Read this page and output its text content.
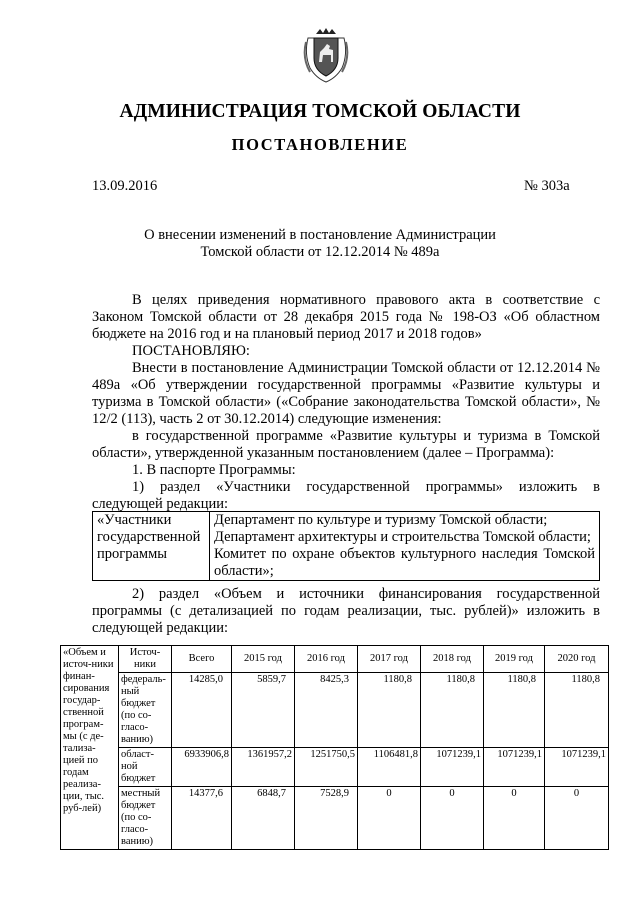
АДМИНИСТРАЦИЯ ТОМСКОЙ ОБЛАСТИ
ПОСТАНОВЛЕНИЕ
13.09.2016	№ 303а
О внесении изменений в постановление Администрации
Томской области от 12.12.2014 № 489а

В целях приведения нормативного правового акта в соответствие с Законом Томской области от 28 декабря 2015 года № 198-ОЗ «Об областном бюджете на 2016 год и на плановый период 2017 и 2018 годов»

ПОСТАНОВЛЯЮ:

Внести в постановление Администрации Томской области от 12.12.2014 № 489а «Об утверждении государственной программы «Развитие культуры и туризма в Томской области» («Собрание законодательства Томской области», № 12/2 (113), часть 2 от 30.12.2014) следующие изменения:

в государственной программе «Развитие культуры и туризма в Томской области», утвержденной указанным постановлением (далее – Программа):

1. В паспорте Программы:

1) раздел «Участники государственной программы» изложить в следующей редакции:

«Участники государственной программы	
Департамент по культуре и туризму Томской области;
Департамент архитектуры и строительства Томской области;
Комитет по охране объектов культурного наследия Томской области»;

2) раздел «Объем и источники финансирования государственной программы (с детализацией по годам реализации, тыс. рублей)» изложить в следующей редакции:

«Объем и источ-ники финан-сирования государ-ственной програм-мы (с де-тализа-цией по годам реализа-ции, тыс. руб-лей)	Источ-ники	Всего	2015 год	2016 год	2017 год	2018 год	2019 год	2020 год
	федераль-ный бюджет (по со-гласо-ванию)	14285,0	5859,7	8425,3	1180,8	1180,8	1180,8	1180,8
	област-ной бюджет	6933906,8	1361957,2	1251750,5	1106481,8	1071239,1	1071239,1	1071239,1
	местный бюджет (по со-гласо-ванию)	14377,6	6848,7	7528,9	0	0	0	0
